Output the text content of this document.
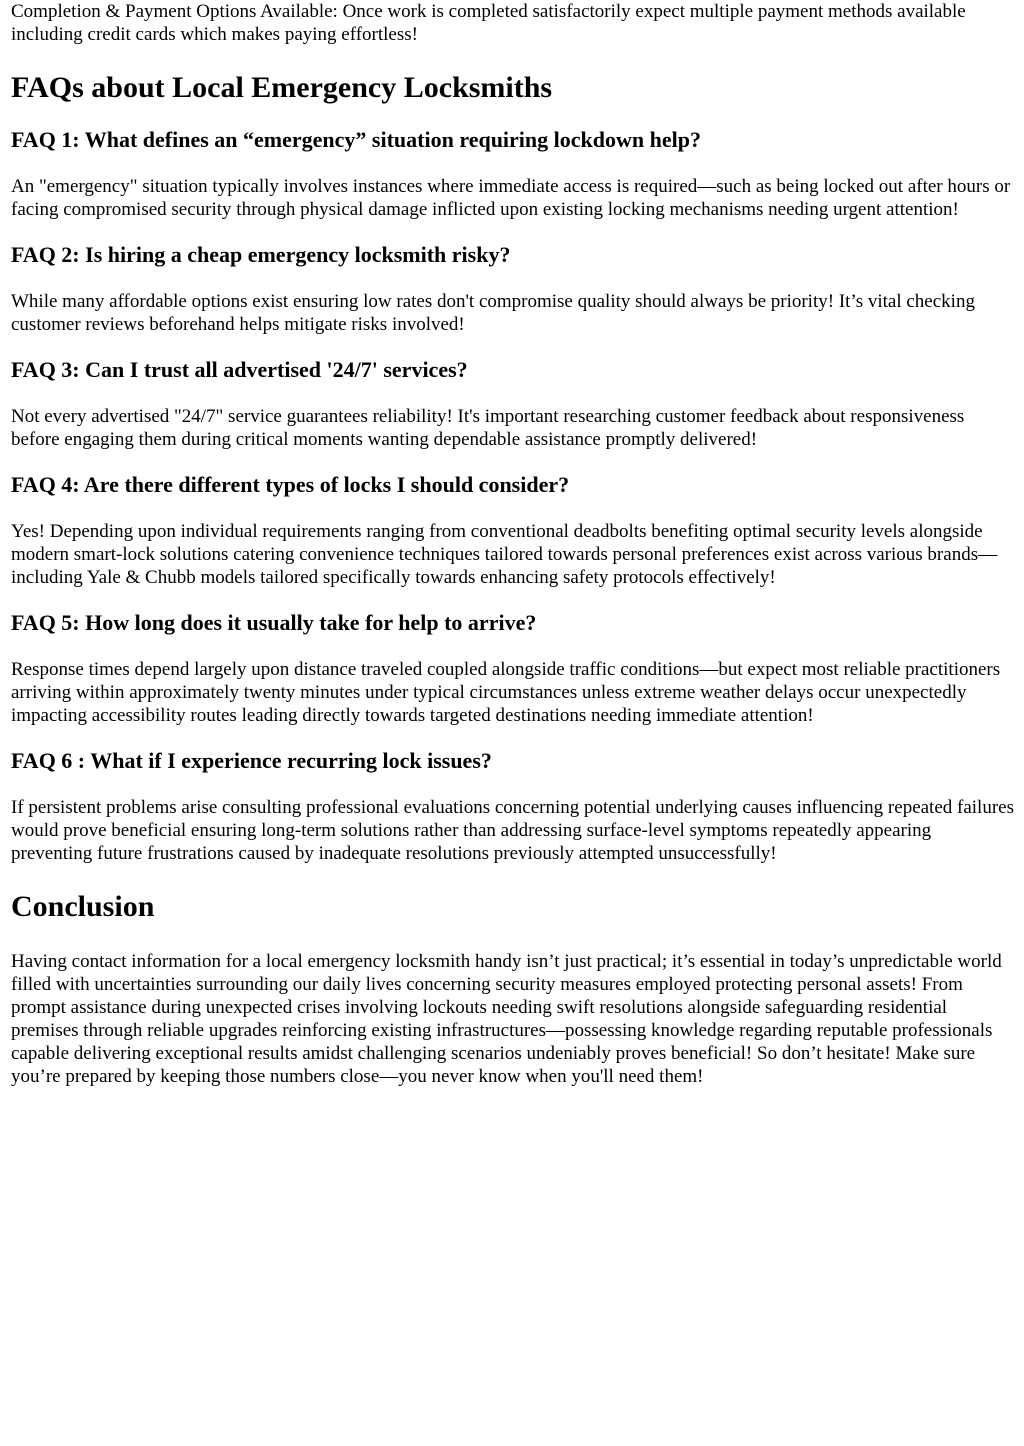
Completion & Payment Options Available: Once work is completed satisfactorily expect multiple payment methods available including credit cards which makes paying effortless!

FAQs about Local Emergency Locksmiths
FAQ 1: What defines an “emergency” situation requiring lockdown help?

An "emergency" situation typically involves instances where immediate access is required—such as being locked out after hours or facing compromised security through physical damage inflicted upon existing locking mechanisms needing urgent attention!

FAQ 2: Is hiring a cheap emergency locksmith risky?

While many affordable options exist ensuring low rates don't compromise quality should always be priority! It’s vital checking customer reviews beforehand helps mitigate risks involved!

FAQ 3: Can I trust all advertised '24/7' services?

Not every advertised "24/7" service guarantees reliability! It's important researching customer feedback about responsiveness before engaging them during critical moments wanting dependable assistance promptly delivered!

FAQ 4: Are there different types of locks I should consider?

Yes! Depending upon individual requirements ranging from conventional deadbolts benefiting optimal security levels alongside modern smart-lock solutions catering convenience techniques tailored towards personal preferences exist across various brands—including Yale & Chubb models tailored specifically towards enhancing safety protocols effectively!

FAQ 5: How long does it usually take for help to arrive?

Response times depend largely upon distance traveled coupled alongside traffic conditions—but expect most reliable practitioners arriving within approximately twenty minutes under typical circumstances unless extreme weather delays occur unexpectedly impacting accessibility routes leading directly towards targeted destinations needing immediate attention!

FAQ 6 : What if I experience recurring lock issues?

If persistent problems arise consulting professional evaluations concerning potential underlying causes influencing repeated failures would prove beneficial ensuring long-term solutions rather than addressing surface-level symptoms repeatedly appearing preventing future frustrations caused by inadequate resolutions previously attempted unsuccessfully!

Conclusion

Having contact information for a local emergency locksmith handy isn’t just practical; it’s essential in today’s unpredictable world filled with uncertainties surrounding our daily lives concerning security measures employed protecting personal assets! From prompt assistance during unexpected crises involving lockouts needing swift resolutions alongside safeguarding residential premises through reliable upgrades reinforcing existing infrastructures—possessing knowledge regarding reputable professionals capable delivering exceptional results amidst challenging scenarios undeniably proves beneficial! So don’t hesitate! Make sure you’re prepared by keeping those numbers close—you never know when you'll need them!
